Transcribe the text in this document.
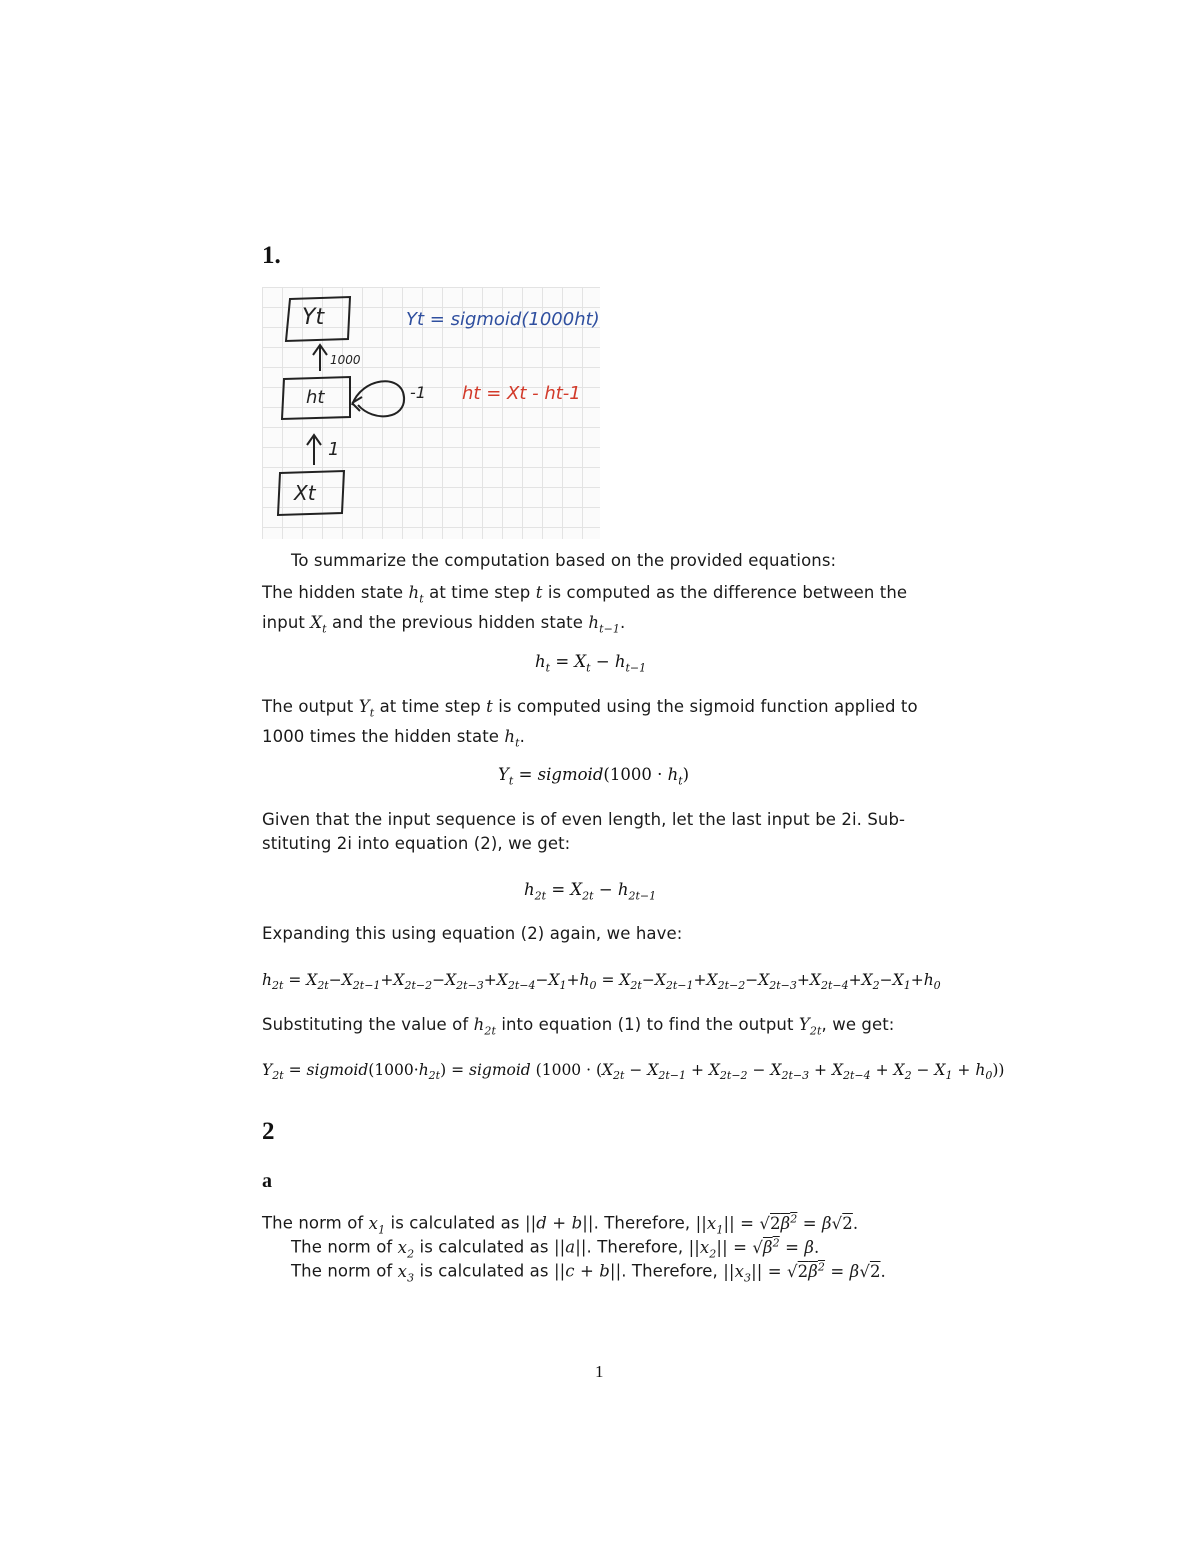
1.
Yt
ht
Xt
1000
-1
1
Yt = sigmoid(1000ht)
ht = Xt - ht-1
To summarize the computation based on the provided equations:
The hidden state $h_t$ at time step t is computed as the difference between the
input $X_t$ and the previous hidden state $h_{t-1}$.
$h_t = X_t - h_{t-1}$
The output $Y_t$ at time step t is computed using the sigmoid function applied to
1000 times the hidden state $h_t$.
$Y_t$ = sigmoid(1000 · $h_t$)
Given that the input sequence is of even length, let the last input be 2i. Sub-
stituting 2i into equation (2), we get:
$h_{2t} = X_{2t} - h_{2t-1}$
Expanding this using equation (2) again, we have:
$h_{2t} = X_{2t}-X_{2t-1}+X_{2t-2}-X_{2t-3}+X_{2t-4}-X_1+h_0 = X_{2t}-X_{2t-1}+X_{2t-2}-X_{2t-3}+X_{2t-4}+X_2-X_1+h_0$
Substituting the value of $h_{2t}$ into equation (1) to find the output $Y_{2t}$, we get:
$Y_{2t}$ = $sigmoid(1000\cdot h_{2t})$ = sigmoid $(1000 \cdot (X_{2t} - X_{2t-1} + X_{2t-2} - X_{2t-3} + X_{2t-4} + X_2 - X_1 + h_0))$
2
a
The norm of $x_1$ is calculated as ||d + b||. Therefore, $||x_1|| = √2\beta^2 = \beta√2$.
The norm of $x_2$ is calculated as ||a||. Therefore, $||x_2|| = √\beta^2 = \beta$.
The norm of $x_3$ is calculated as ||c + b||. Therefore, $||x_3|| = √2\beta^2 = \beta√2$.
1
